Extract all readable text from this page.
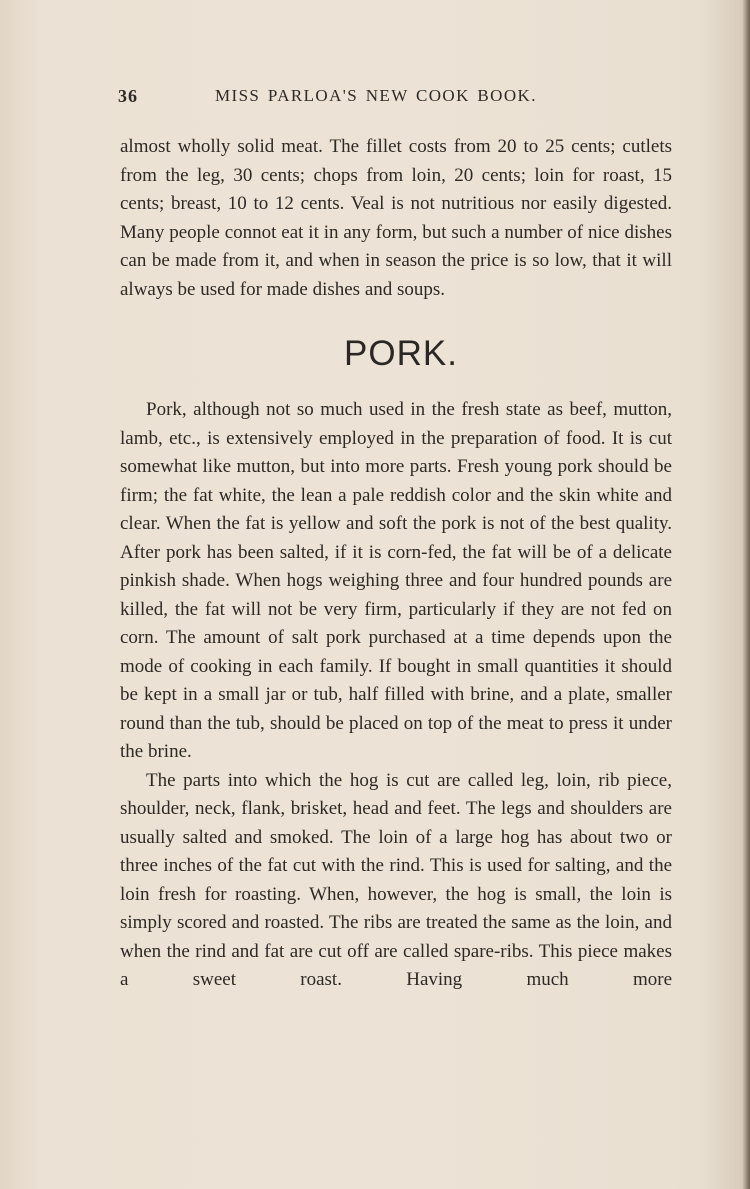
36	MISS PARLOA'S NEW COOK BOOK.

almost wholly solid meat. The fillet costs from 20 to 25 cents; cutlets from the leg, 30 cents; chops from loin, 20 cents; loin for roast, 15 cents; breast, 10 to 12 cents. Veal is not nutritious nor easily digested. Many people connot eat it in any form, but such a number of nice dishes can be made from it, and when in season the price is so low, that it will always be used for made dishes and soups.

PORK.

Pork, although not so much used in the fresh state as beef, mutton, lamb, etc., is extensively employed in the preparation of food. It is cut somewhat like mutton, but into more parts. Fresh young pork should be firm; the fat white, the lean a pale reddish color and the skin white and clear. When the fat is yellow and soft the pork is not of the best quality. After pork has been salted, if it is corn-fed, the fat will be of a delicate pinkish shade. When hogs weighing three and four hundred pounds are killed, the fat will not be very firm, particularly if they are not fed on corn. The amount of salt pork purchased at a time depends upon the mode of cooking in each family. If bought in small quantities it should be kept in a small jar or tub, half filled with brine, and a plate, smaller round than the tub, should be placed on top of the meat to press it under the brine.

The parts into which the hog is cut are called leg, loin, rib piece, shoulder, neck, flank, brisket, head and feet. The legs and shoulders are usually salted and smoked. The loin of a large hog has about two or three inches of the fat cut with the rind. This is used for salting, and the loin fresh for roasting. When, however, the hog is small, the loin is simply scored and roasted. The ribs are treated the same as the loin, and when the rind and fat are cut off are called spare-ribs. This piece makes a sweet roast. Having much more
